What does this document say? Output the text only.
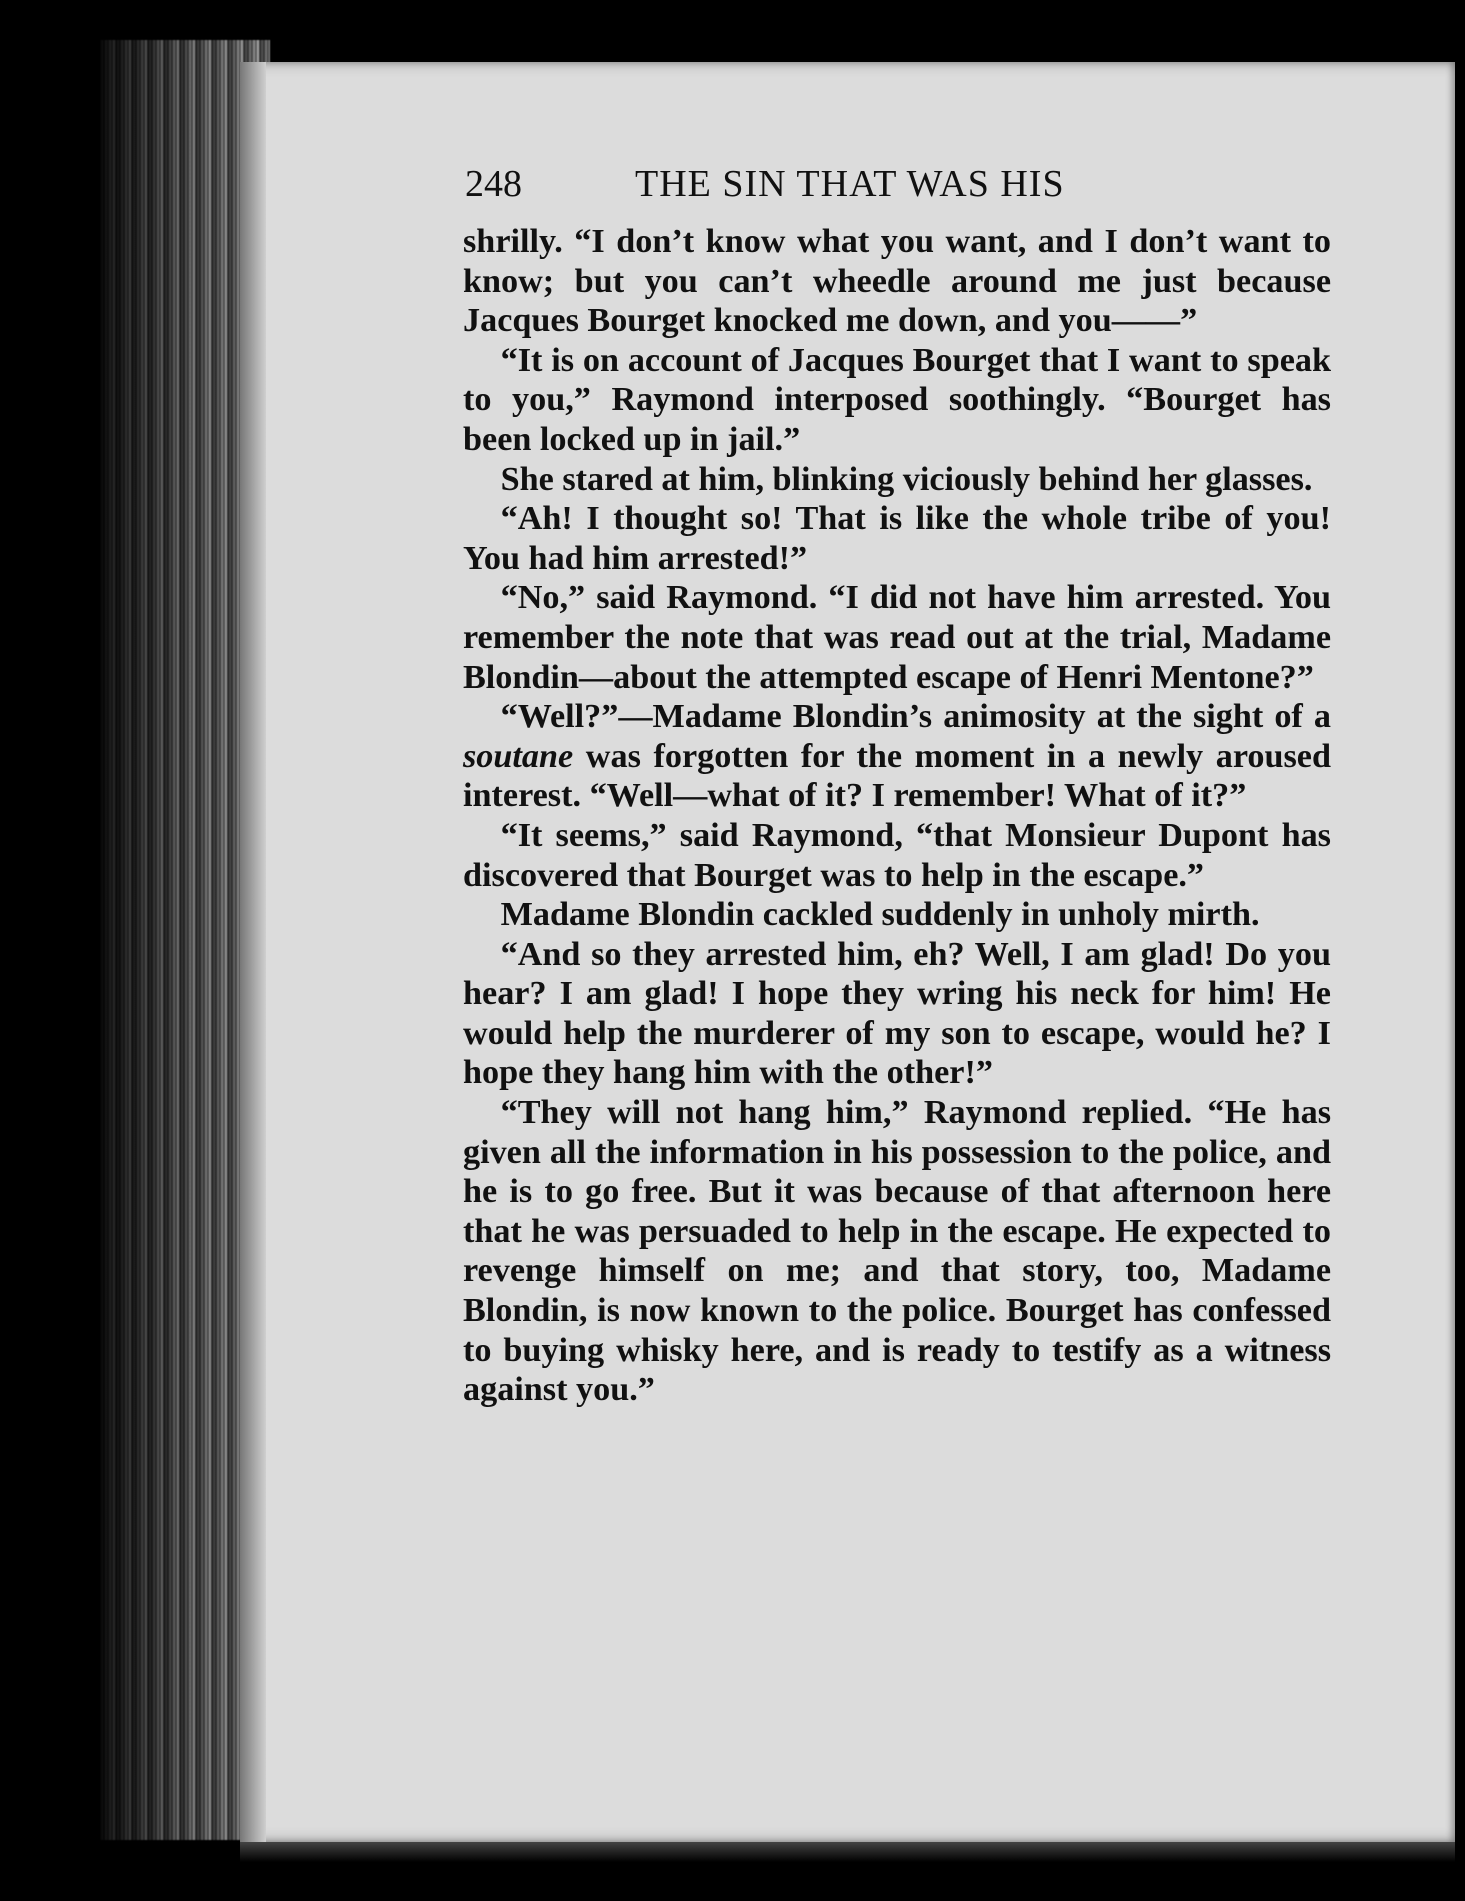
248	THE SIN THAT WAS HIS

shrilly. “I don’t know what you want, and I don’t want to know; but you can’t wheedle around me just because Jacques Bourget knocked me down, and you——”

“It is on account of Jacques Bourget that I want to speak to you,” Raymond interposed soothingly. “Bourget has been locked up in jail.”

She stared at him, blinking viciously behind her glasses.

“Ah! I thought so! That is like the whole tribe of you! You had him arrested!”

“No,” said Raymond. “I did not have him arrested. You remember the note that was read out at the trial, Madame Blondin—about the attempted escape of Henri Mentone?”

“Well?”—Madame Blondin’s animosity at the sight of a soutane was forgotten for the moment in a newly aroused interest. “Well—what of it? I remember! What of it?”

“It seems,” said Raymond, “that Monsieur Dupont has discovered that Bourget was to help in the escape.”

Madame Blondin cackled suddenly in unholy mirth.

“And so they arrested him, eh? Well, I am glad! Do you hear? I am glad! I hope they wring his neck for him! He would help the murderer of my son to escape, would he? I hope they hang him with the other!”

“They will not hang him,” Raymond replied. “He has given all the information in his possession to the police, and he is to go free. But it was because of that afternoon here that he was persuaded to help in the escape. He expected to revenge himself on me; and that story, too, Madame Blondin, is now known to the police. Bourget has confessed to buying whisky here, and is ready to testify as a witness against you.”
